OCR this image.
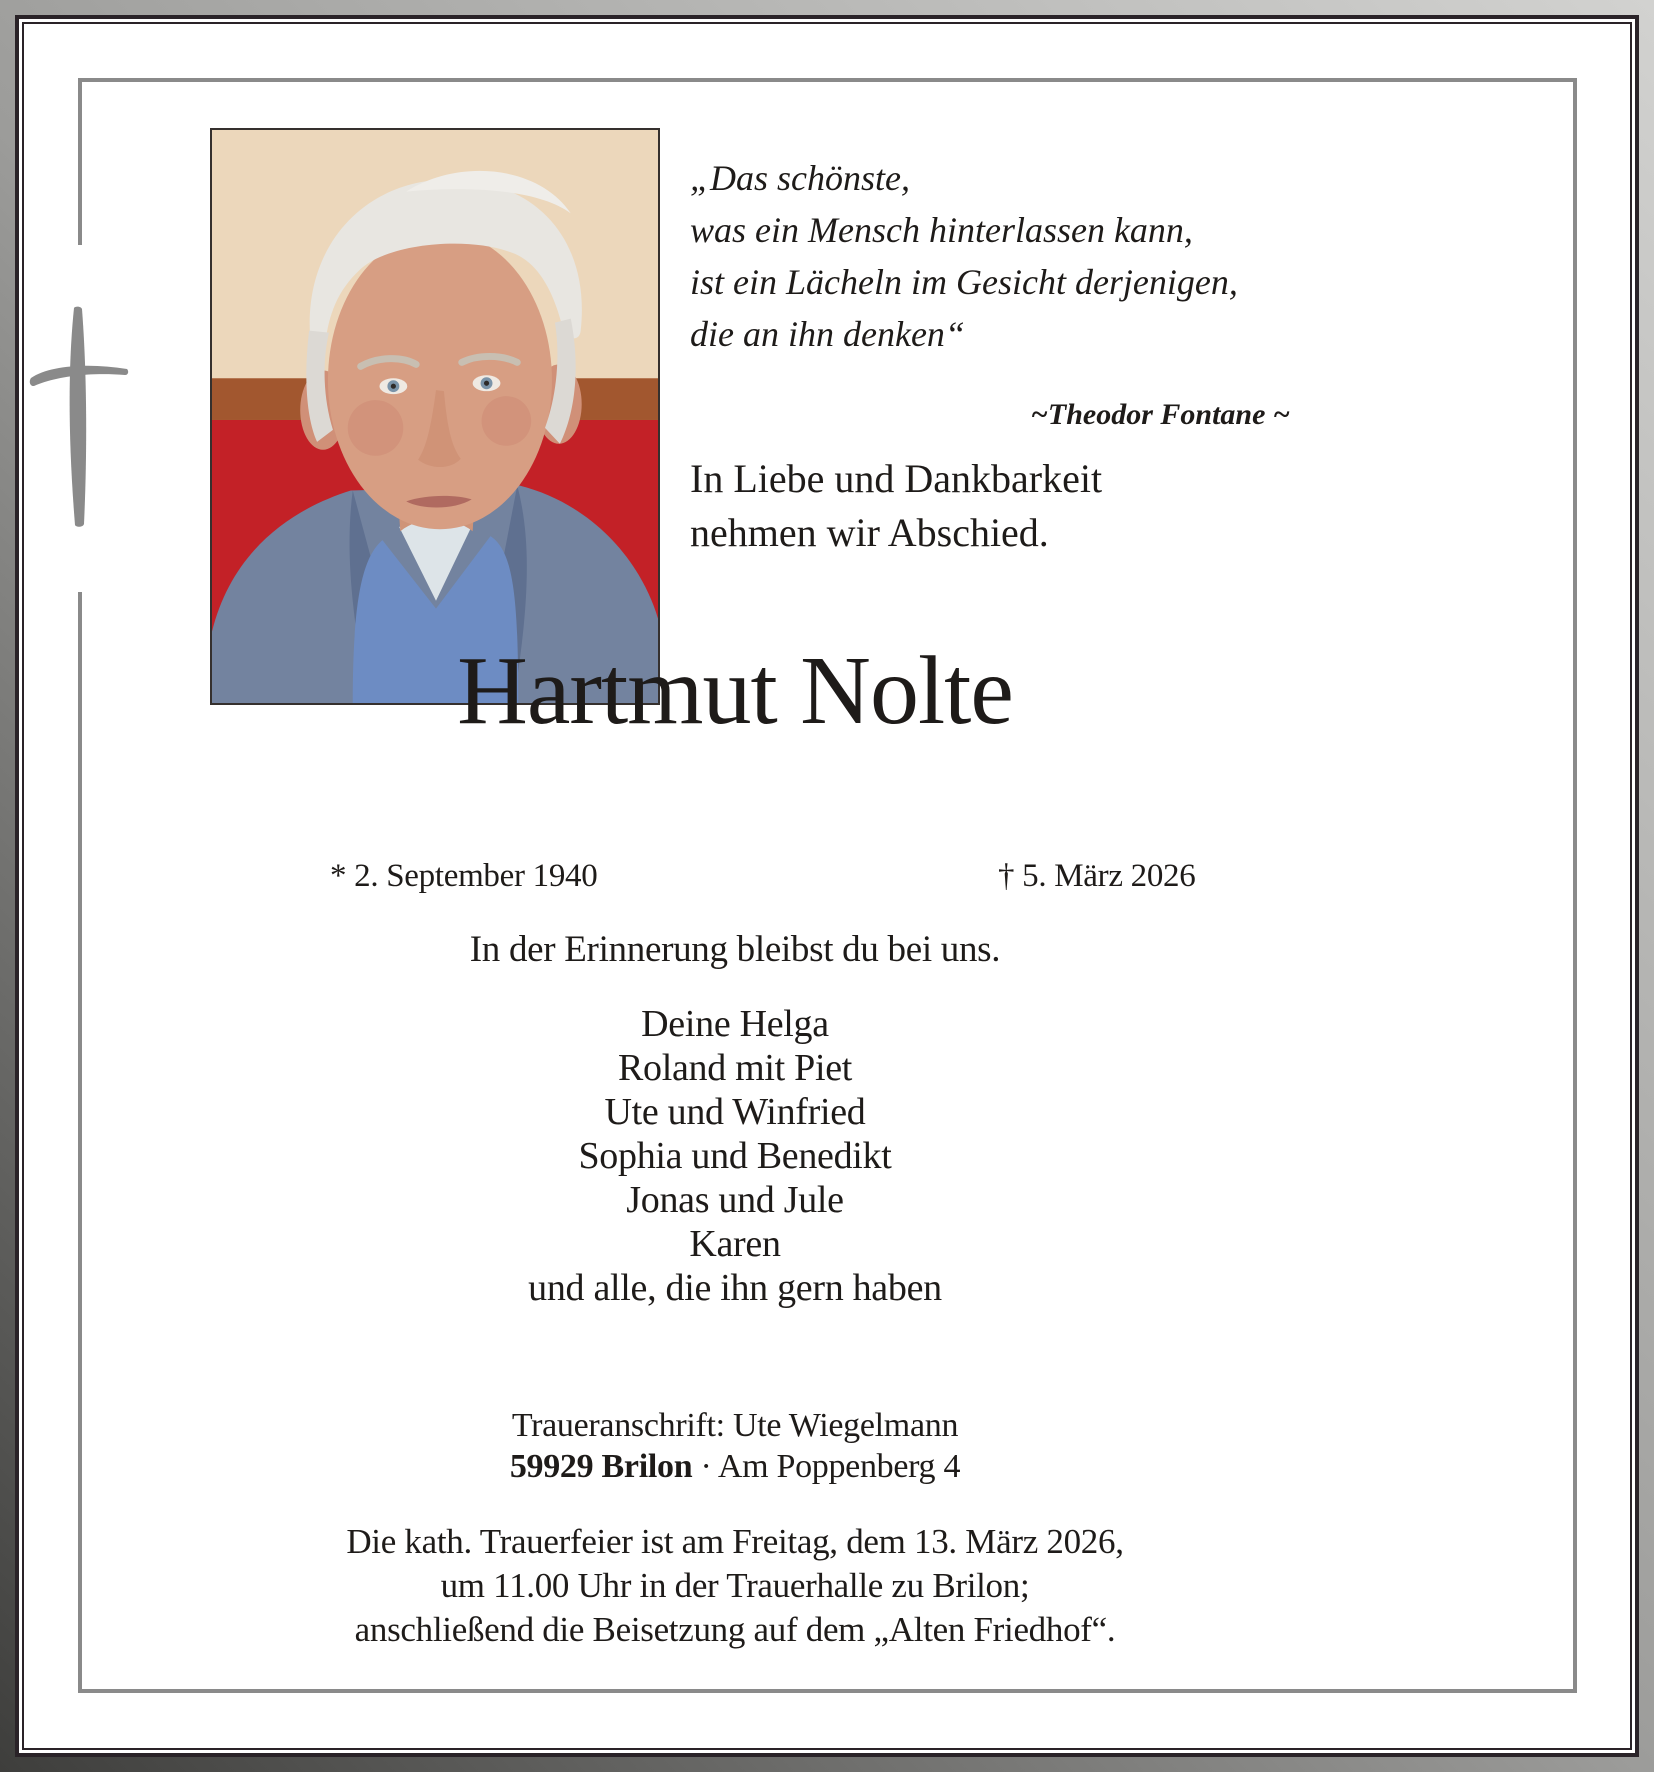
„Das schönste,
was ein Mensch hinterlassen kann,
ist ein Lächeln im Gesicht derjenigen,
die an ihn denken“
~Theodor Fontane ~
In Liebe und Dankbarkeit
nehmen wir Abschied.
Hartmut Nolte
* 2. September 1940	† 5. März 2026
In der Erinnerung bleibst du bei uns.
Deine Helga
Roland mit Piet
Ute und Winfried
Sophia und Benedikt
Jonas und Jule
Karen
und alle, die ihn gern haben
Traueranschrift: Ute Wiegelmann
59929 Brilon · Am Poppenberg 4
Die kath. Trauerfeier ist am Freitag, dem 13. März 2026,
um 11.00 Uhr in der Trauerhalle zu Brilon;
anschließend die Beisetzung auf dem „Alten Friedhof“.
